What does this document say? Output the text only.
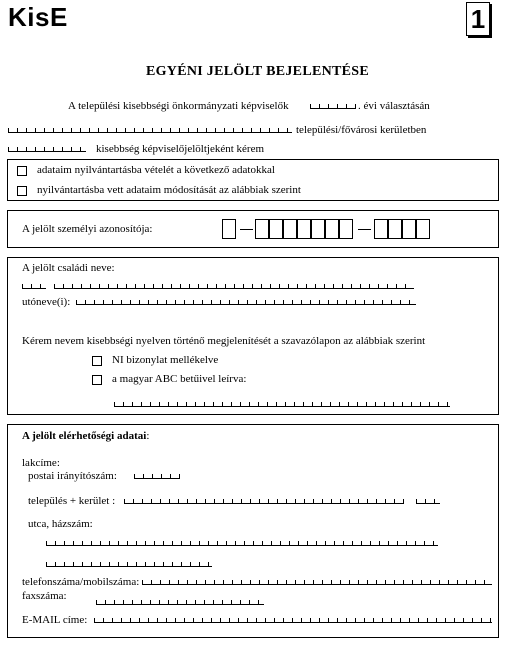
KisE	1
EGYÉNI JELÖLT BEJELENTÉSE
A települési kisebbségi önkormányzati képviselők	. évi választásán
települési/fővárosi kerületben
kisebbség képviselőjelöltjeként kérem
adataim nyilvántartásba vételét a következő adatokkal
nyilvántartásba vett adataim módosítását az alábbiak szerint
A jelölt személyi azonosítója:
A jelölt családi neve:
utóneve(i):
Kérem nevem kisebbségi nyelven történő megjelenítését a szavazólapon az alábbiak szerint
NI bizonylat mellékelve
a magyar ABC betűivel leírva:
A jelölt elérhetőségi adatai:
lakcíme:
postai irányítószám:
település + kerület :
utca, házszám:
telefonszáma/mobilszáma:
faxszáma:
E-MAIL címe:
